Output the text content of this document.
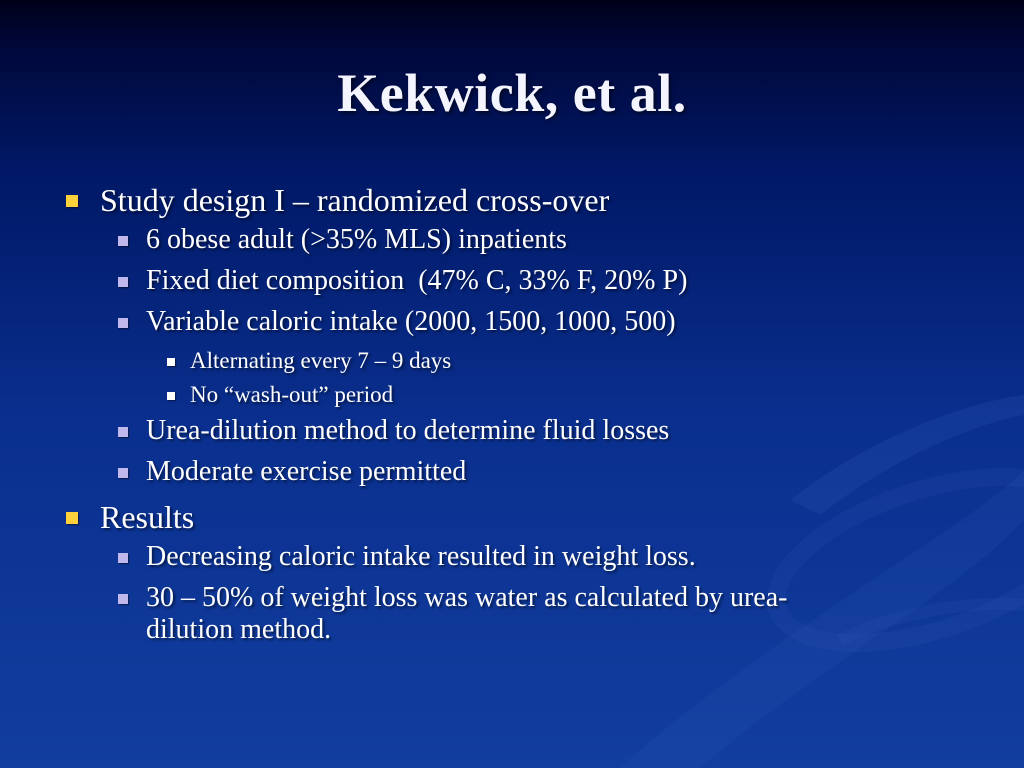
Kekwick, et al.
Study design I – randomized cross-over
6 obese adult (>35% MLS) inpatients
Fixed diet composition  (47% C, 33% F, 20% P)
Variable caloric intake (2000, 1500, 1000, 500)
Alternating every 7 – 9 days
No “wash-out” period
Urea-dilution method to determine fluid losses
Moderate exercise permitted
Results
Decreasing caloric intake resulted in weight loss.
30 – 50% of weight loss was water as calculated by urea-dilution method.
